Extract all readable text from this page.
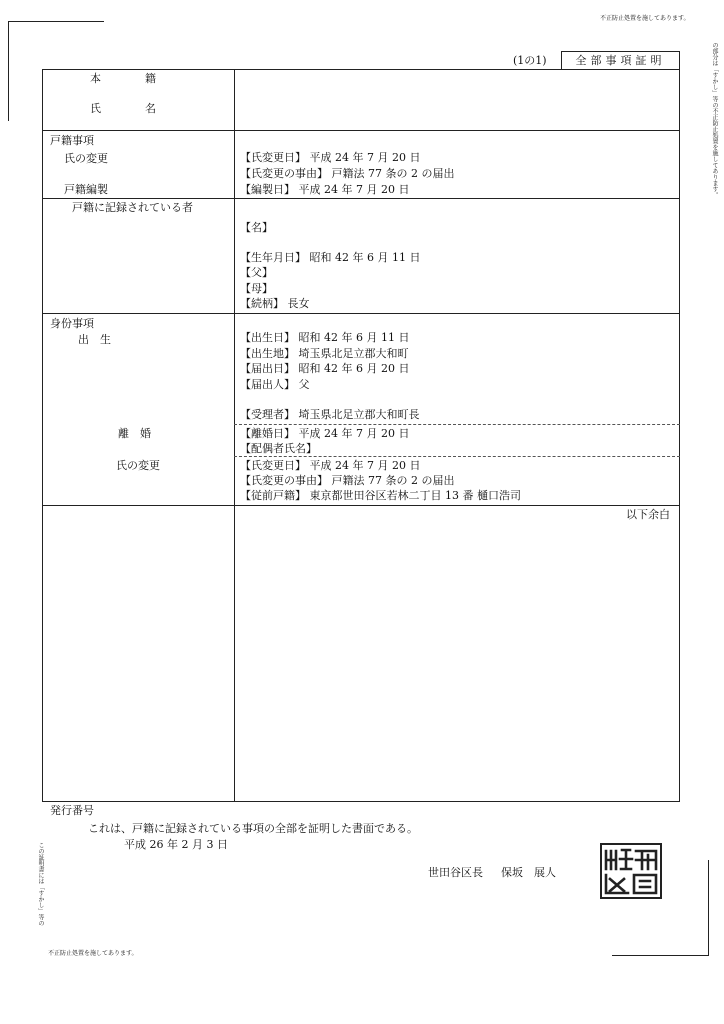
不正防止処置を施してあります。
の部分は「すかし」等の不正防止処置を施してあります。
(1の1)	全部事項証明
本　　　　籍
氏　　　　名
戸籍事項
氏の変更
戸籍編製
【氏変更日】 平成 24 年 7 月 20 日
【氏変更の事由】 戸籍法 77 条の 2 の届出
【編製日】 平成 24 年 7 月 20 日
戸籍に記録されている者
【名】
【生年月日】 昭和 42 年 6 月 11 日
【父】
【母】
【続柄】 長女
身份事項
出　生
離　婚
氏の変更
【出生日】 昭和 42 年 6 月 11 日
【出生地】 埼玉県北足立郡大和町
【届出日】 昭和 42 年 6 月 20 日
【届出人】 父
【受理者】 埼玉県北足立郡大和町長
【離婚日】 平成 24 年 7 月 20 日
【配偶者氏名】
【氏変更日】 平成 24 年 7 月 20 日
【氏変更の事由】 戸籍法 77 条の 2 の届出
【従前戸籍】 東京都世田谷区若林二丁目 13 番 樋口浩司
以下余白
発行番号
これは、戸籍に記録されている事項の全部を証明した書面である。
平成 26 年 2 月 3 日
世田谷区長 保坂　展人
この証明書には「すかし」等の
不正防止処置を施してあります。
